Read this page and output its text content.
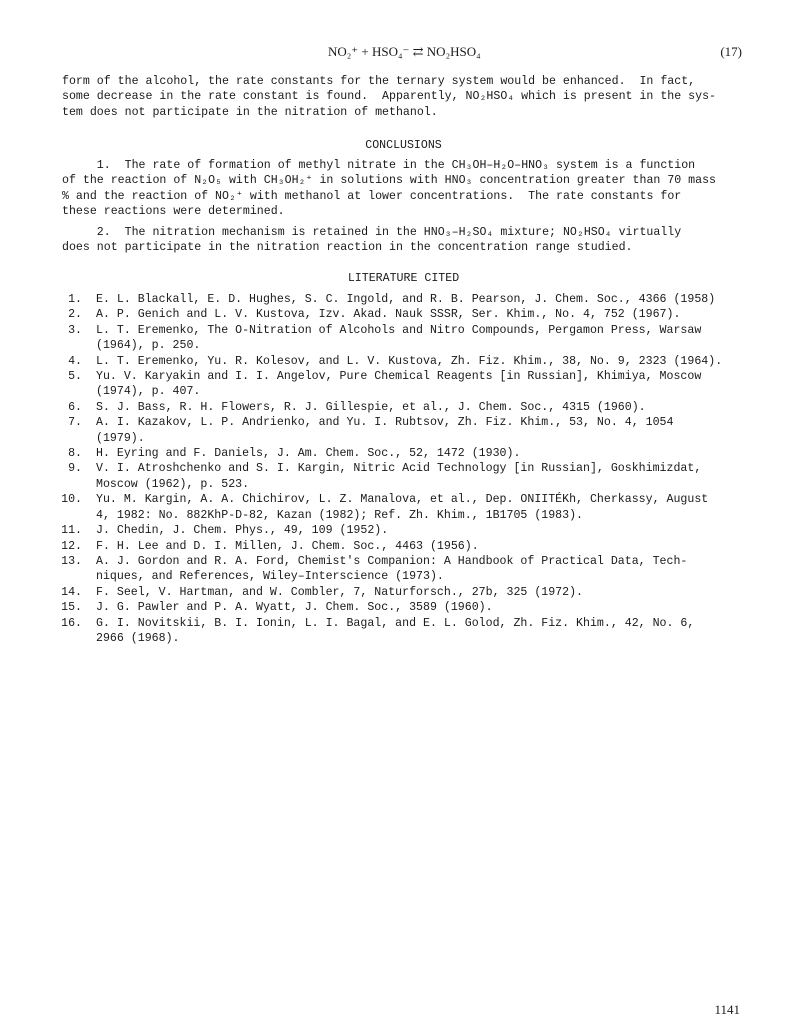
NO₂⁺ + HSO₄⁻ ⇄ NO₂HSO₄	(17)

form of the alcohol, the rate constants for the ternary system would be enhanced.  In fact,
some decrease in the rate constant is found.  Apparently, NO₂HSO₄ which is present in the sys-
tem does not participate in the nitration of methanol.

CONCLUSIONS

1.  The rate of formation of methyl nitrate in the CH₃OH–H₂O–HNO₃ system is a function
of the reaction of N₂O₅ with CH₃OH₂⁺ in solutions with HNO₃ concentration greater than 70 mass
% and the reaction of NO₂⁺ with methanol at lower concentrations.  The rate constants for
these reactions were determined.

2.  The nitration mechanism is retained in the HNO₃–H₂SO₄ mixture; NO₂HSO₄ virtually
does not participate in the nitration reaction in the concentration range studied.

LITERATURE CITED
1.	E. L. Blackall, E. D. Hughes, S. C. Ingold, and R. B. Pearson, J. Chem. Soc., 4366 (1958)
2.	A. P. Genich and L. V. Kustova, Izv. Akad. Nauk SSSR, Ser. Khim., No. 4, 752 (1967).
3.	L. T. Eremenko, The O-Nitration of Alcohols and Nitro Compounds, Pergamon Press, Warsaw
(1964), p. 250.
4.	L. T. Eremenko, Yu. R. Kolesov, and L. V. Kustova, Zh. Fiz. Khim., 38, No. 9, 2323 (1964).
5.	Yu. V. Karyakin and I. I. Angelov, Pure Chemical Reagents [in Russian], Khimiya, Moscow
(1974), p. 407.
6.	S. J. Bass, R. H. Flowers, R. J. Gillespie, et al., J. Chem. Soc., 4315 (1960).
7.	A. I. Kazakov, L. P. Andrienko, and Yu. I. Rubtsov, Zh. Fiz. Khim., 53, No. 4, 1054
(1979).
8.	H. Eyring and F. Daniels, J. Am. Chem. Soc., 52, 1472 (1930).
9.	V. I. Atroshchenko and S. I. Kargin, Nitric Acid Technology [in Russian], Goskhimizdat,
Moscow (1962), p. 523.
10.	Yu. M. Kargin, A. A. Chichirov, L. Z. Manalova, et al., Dep. ONIITÉKh, Cherkassy, August
4, 1982: No. 882KhP-D-82, Kazan (1982); Ref. Zh. Khim., 1B1705 (1983).
11.	J. Chedin, J. Chem. Phys., 49, 109 (1952).
12.	F. H. Lee and D. I. Millen, J. Chem. Soc., 4463 (1956).
13.	A. J. Gordon and R. A. Ford, Chemist's Companion: A Handbook of Practical Data, Tech-
niques, and References, Wiley–Interscience (1973).
14.	F. Seel, V. Hartman, and W. Combler, 7, Naturforsch., 27b, 325 (1972).
15.	J. G. Pawler and P. A. Wyatt, J. Chem. Soc., 3589 (1960).
16.	G. I. Novitskii, B. I. Ionin, L. I. Bagal, and E. L. Golod, Zh. Fiz. Khim., 42, No. 6,
2966 (1968).
1141
